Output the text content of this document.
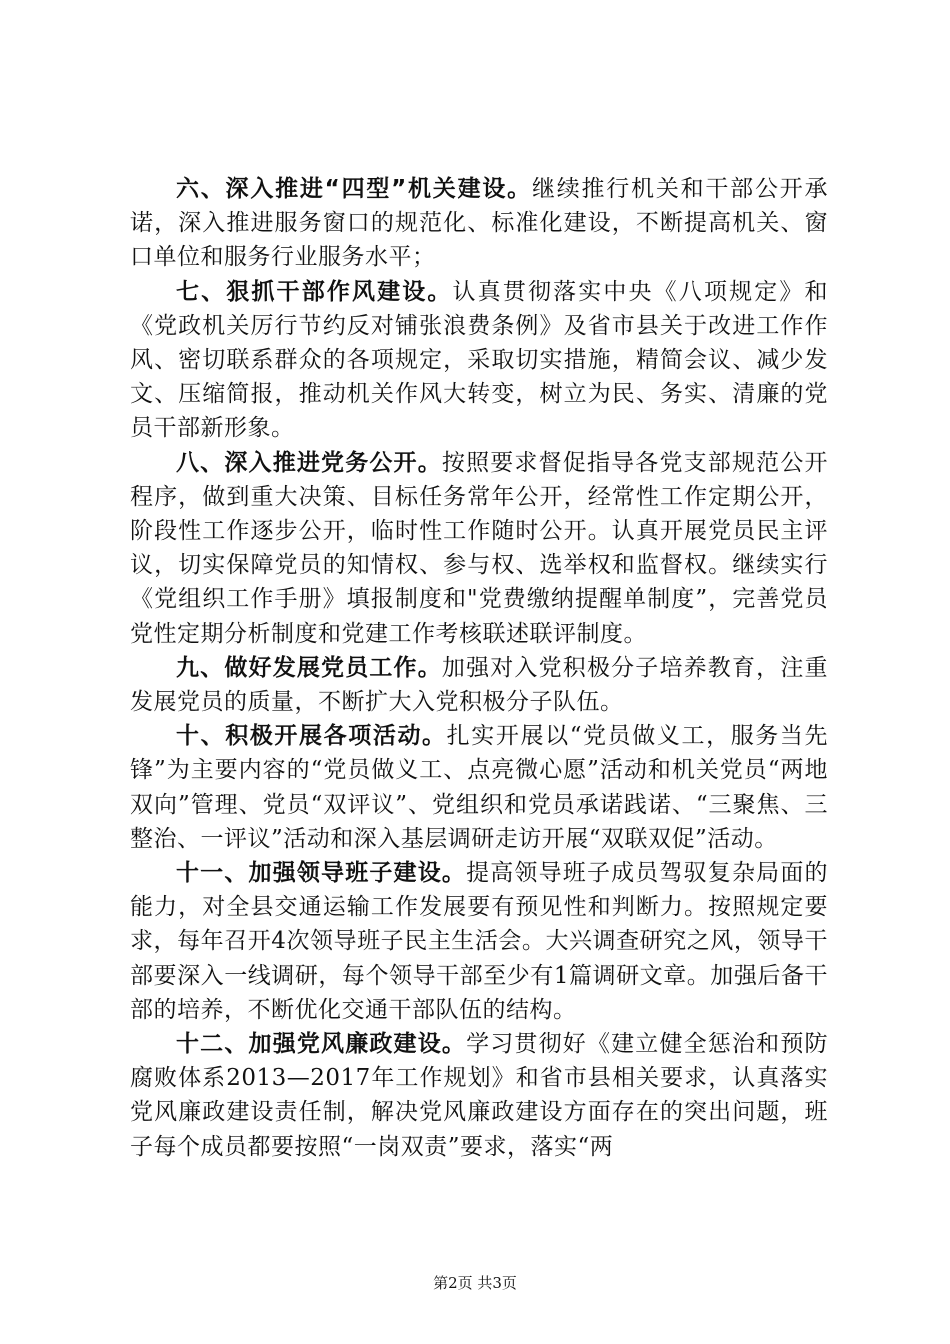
六、深入推进“四型”机关建设。继续推行机关和干部公开承诺，深入推进服务窗口的规范化、标准化建设，不断提高机关、窗口单位和服务行业服务水平；

七、狠抓干部作风建设。认真贯彻落实中央《八项规定》和《党政机关厉行节约反对铺张浪费条例》及省市县关于改进工作作风、密切联系群众的各项规定，采取切实措施，精简会议、减少发文、压缩简报，推动机关作风大转变，树立为民、务实、清廉的党员干部新形象。

八、深入推进党务公开。按照要求督促指导各党支部规范公开程序，做到重大决策、目标任务常年公开，经常性工作定期公开，阶段性工作逐步公开，临时性工作随时公开。认真开展党员民主评议，切实保障党员的知情权、参与权、选举权和监督权。继续实行《党组织工作手册》填报制度和"党费缴纳提醒单制度”，完善党员党性定期分析制度和党建工作考核联述联评制度。

九、做好发展党员工作。加强对入党积极分子培养教育，注重发展党员的质量，不断扩大入党积极分子队伍。

十、积极开展各项活动。扎实开展以“党员做义工，服务当先锋”为主要内容的“党员做义工、点亮微心愿”活动和机关党员“两地双向”管理、党员“双评议”、党组织和党员承诺践诺、“三聚焦、三整治、一评议”活动和深入基层调研走访开展“双联双促”活动。

十一、加强领导班子建设。提高领导班子成员驾驭复杂局面的能力，对全县交通运输工作发展要有预见性和判断力。按照规定要求，每年召开4次领导班子民主生活会。大兴调查研究之风，领导干部要深入一线调研，每个领导干部至少有1篇调研文章。加强后备干部的培养，不断优化交通干部队伍的结构。

十二、加强党风廉政建设。学习贯彻好《建立健全惩治和预防腐败体系2013—2017年工作规划》和省市县相关要求，认真落实党风廉政建设责任制，解决党风廉政建设方面存在的突出问题，班子每个成员都要按照“一岗双责”要求，落实“两

第2页 共3页
